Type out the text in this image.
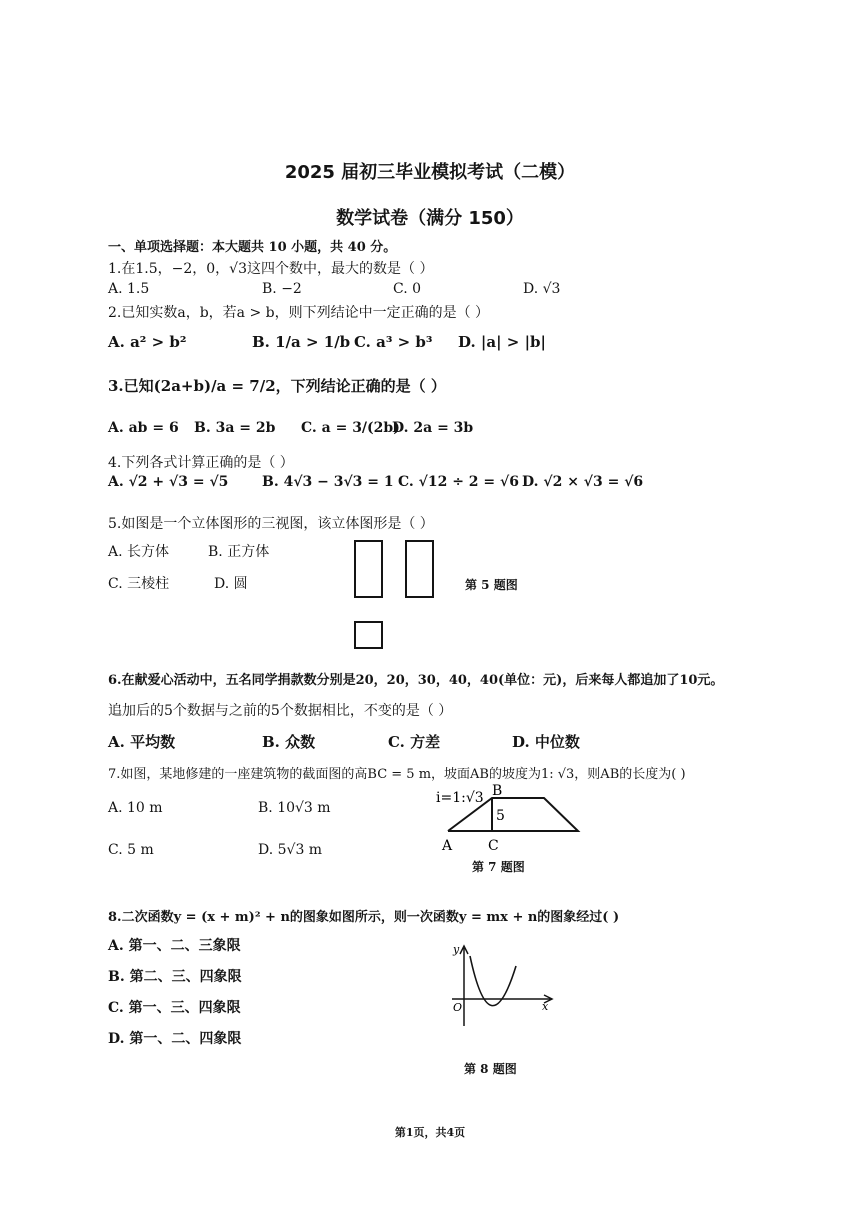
2025 届初三毕业模拟考试（二模）
数学试卷（满分 150）
一、单项选择题：本大题共 10 小题，共 40 分。
1.在1.5，−2，0，√3这四个数中，最大的数是（ ）
A. 1.5	B. −2	C. 0	D. √3
2.已知实数a，b，若a > b，则下列结论中一定正确的是（ ）
A. a² > b²	B. 1/a > 1/b C. a³ > b³ D. |a| > |b|
3.已知(2a+b)/a = 7/2，下列结论正确的是（ ）
A. ab = 6 B. 3a = 2b C. a = 3/(2b)
D. 2a = 3b
4.下列各式计算正确的是（ ）
A. √2 + √3 = √5 B. 4√3 − 3√3 = 1 C. √12 ÷ 2 = √6 D. √2 × √3 = √6
5.如图是一个立体图形的三视图，该立体图形是（ ）
A. 长方体	B. 正方体
C. 三棱柱	D. 圆	第 5 题图
6.在献爱心活动中，五名同学捐款数分别是20，20，30，40，40(单位：元)，后来每人都追加了10元。
追加后的5个数据与之前的5个数据相比，不变的是（ ）
A. 平均数	B. 众数	C. 方差	D. 中位数
7.如图，某地修建的一座建筑物的截面图的高BC = 5 m，坡面AB的坡度为1: √3，则AB的长度为( )
A. 10 m	B. 10√3 m
C. 5 m	D. 5√3 m
i=1:√3 B
5
A	C
第 7 题图
8.二次函数y = (x + m)² + n的图象如图所示，则一次函数y = mx + n的图象经过( )
A. 第一、二、三象限
B. 第二、三、四象限
C. 第一、三、四象限
D. 第一、二、四象限
y
O	x
第 8 题图
第1页，共4页
